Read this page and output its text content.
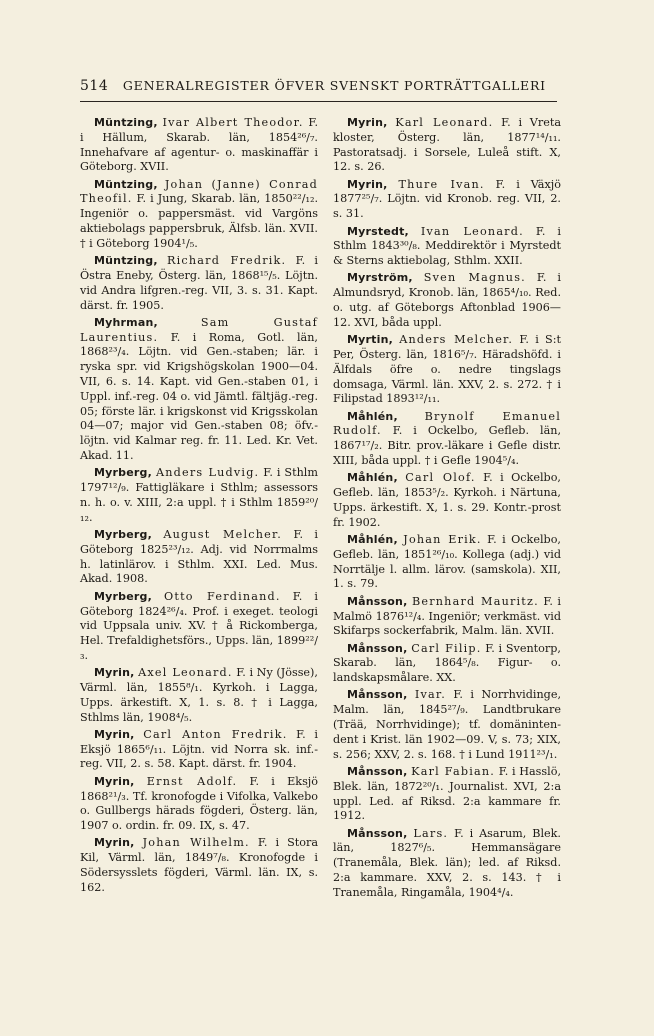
514 GENERALREGISTER ÖFVER SVENSKT PORTRÄTTGALLERI

Müntzing, Ivar Albert Theodor. F. i Hällum, Skarab. län, 1854²⁶/₇. Innehafvare af agentur- o. maskinaffär i Göteborg. XVII.

Müntzing, Johan (Janne) Conrad Theofil. F. i Jung, Skarab. län, 1850²²/₁₂. Ingeniör o. pappersmäst. vid Vargöns aktiebolags pappersbruk, Älfsb. län. XVII. † i Göteborg 1904¹/₅.

Müntzing, Richard Fredrik. F. i Östra Eneby, Österg. län, 1868¹⁵/₅. Löjtn. vid Andra lifgren.-reg. VII, 3. s. 31. Kapt. därst. fr. 1905.

Myhrman,	Sam Gustaf Laurentius. F. i Roma, Gotl. län, 1868²³/₄. Löjtn. vid Gen.-staben; lär. i ryska spr. vid Krigshögskolan 1900—04. VII, 6. s. 14. Kapt. vid Gen.-staben 01, i Uppl. inf.-reg. 04 o. vid Jämtl. fältjäg.-reg. 05; förste lär. i krigskonst vid Krigsskolan 04—07; major vid Gen.-staben 08; öfv.-löjtn. vid Kalmar reg. fr. 11. Led. Kr. Vet. Akad. 11.

Myrberg, Anders Ludvig. F. i Sthlm 1797¹²/₉. Fattigläkare i Sthlm; assessors n. h. o. v. XIII, 2:a uppl. † i Sthlm 1859²⁰/₁₂.

Myrberg, August Melcher. F. i Göteborg 1825²³/₁₂. Adj. vid Norrmalms h. latinlärov. i Sthlm. XXI. Led. Mus. Akad. 1908.

Myrberg, Otto Ferdinand. F. i Göteborg 1824²⁶/₄. Prof. i exeget. teologi vid Uppsala univ. XV. † å Rickomberga, Hel. Trefaldighetsförs., Upps. län, 1899²²/₃.

Myrin, Axel Leonard. F. i Ny (Jösse), Värml. län, 1855⁸/₁. Kyrkoh. i Lagga, Upps. ärkestift. X, 1. s. 8. † i Lagga, Sthlms län, 1908⁴/₅.

Myrin, Carl Anton Fredrik. F. i Eksjö 1865⁶/₁₁. Löjtn. vid Norra sk. inf.-reg. VII, 2. s. 58. Kapt. därst. fr. 1904.

Myrin, Ernst Adolf. F. i Eksjö 1868²¹/₃. Tf. kronofogde i Vifolka, Valkebo o. Gullbergs härads fögderi, Österg. län, 1907 o. ordin. fr. 09. IX, s. 47.

Myrin, Johan Wilhelm. F. i Stora Kil, Värml. län, 1849⁷/₈. Kronofogde i Södersysslets fögderi, Värml. län. IX, s. 162.

Myrin, Karl Leonard. F. i Vreta kloster, Österg. län, 1877¹⁴/₁₁. Pastoratsadj. i Sorsele, Luleå stift. X, 12. s. 26.

Myrin, Thure Ivan. F. i Växjö 1877²⁵/₇. Löjtn. vid Kronob. reg. VII, 2. s. 31.

Myrstedt, Ivan Leonard. F. i Sthlm 1843³⁰/₈. Meddirektör i Myrstedt & Sterns aktiebolag, Sthlm. XXII.

Myrström, Sven Magnus. F. i Almundsryd, Kronob. län, 1865⁴/₁₀. Red. o. utg. af Göteborgs Aftonblad 1906—12. XVI, båda uppl.

Myrtin, Anders Melcher. F. i S:t Per, Österg. län, 1816⁵/₇. Häradshöfd. i Älfdals öfre o. nedre tingslags domsaga, Värml. län. XXV, 2. s. 272. † i Filipstad 1893¹²/₁₁.

Måhlén, Brynolf Emanuel Rudolf. F. i Ockelbo, Gefleb. län, 1867¹⁷/₂. Bitr. prov.-läkare i Gefle distr. XIII, båda uppl. † i Gefle 1904⁵/₄.

Måhlén, Carl Olof. F. i Ockelbo, Gefleb. län, 1853⁵/₂. Kyrkoh. i Närtuna, Upps. ärkestift. X, 1. s. 29. Kontr.-prost fr. 1902.

Måhlén, Johan Erik. F. i Ockelbo, Gefleb. län, 1851²⁶/₁₀. Kollega (adj.) vid Norrtälje l. allm. lärov. (samskola). XII, 1. s. 79.

Månsson, Bernhard Mauritz. F. i Malmö 1876¹²/₄. Ingeniör; verkmäst. vid Skifarps sockerfabrik, Malm. län. XVII.

Månsson, Carl Filip. F. i Sventorp, Skarab. län, 1864⁵/₈. Figur- o. landskapsmålare. XX.

Månsson, Ivar. F. i Norrhvidinge, Malm. län, 1845²⁷/₉. Landtbrukare (Trää, Norrhvidinge); tf. domäninten-dent i Krist. län 1902—09. V, s. 73; XIX, s. 256; XXV, 2. s. 168. † i Lund 1911²³/₁.

Månsson, Karl Fabian. F. i Hasslö, Blek. län, 1872²⁰/₁. Journalist. XVI, 2:a uppl. Led. af Riksd. 2:a kammare fr. 1912.

Månsson, Lars. F. i Asarum, Blek. län, 1827⁶/₅. Hemmansägare (Tranemåla, Blek. län); led. af Riksd. 2:a kammare. XXV, 2. s. 143. † i Tranemåla, Ringamåla, 1904⁴/₄.
